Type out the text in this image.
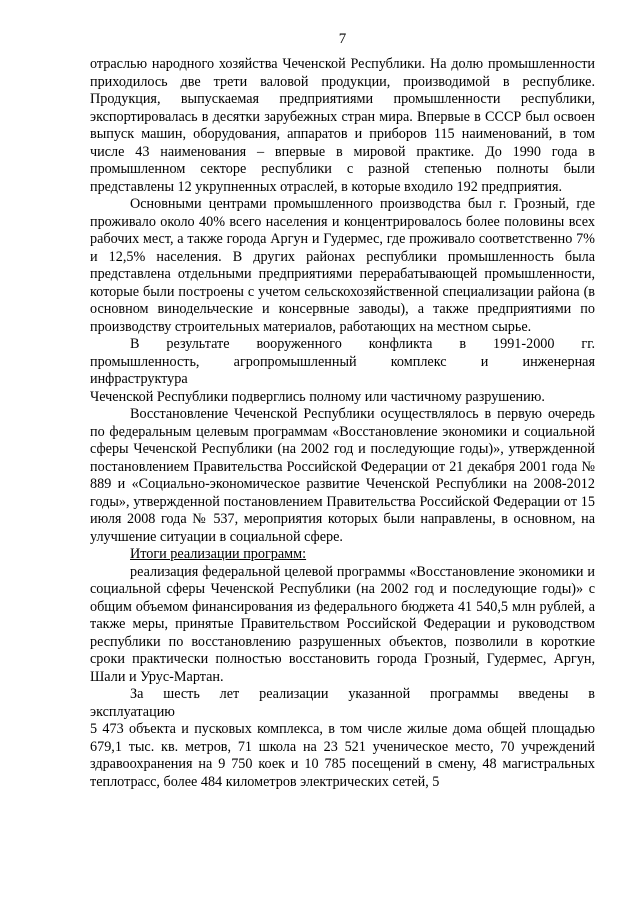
7

отраслью народного хозяйства Чеченской Республики. На долю промышленности приходилось две трети валовой продукции, производимой в республике. Продукция, выпускаемая предприятиями промышленности республики, экспортировалась в десятки зарубежных стран мира. Впервые в СССР был освоен выпуск машин, оборудования, аппаратов и приборов 115 наименований, в том числе 43 наименования – впервые в мировой практике. До 1990 года в промышленном секторе республики с разной степенью полноты были представлены 12 укрупненных отраслей, в которые входило 192 предприятия.

Основными центрами промышленного производства был г. Грозный, где проживало около 40% всего населения и концентрировалось более половины всех рабочих мест, а также города Аргун и Гудермес, где проживало соответственно 7% и 12,5% населения. В других районах республики промышленность была представлена отдельными предприятиями перерабатывающей промышленности, которые были построены с учетом сельскохозяйственной специализации района (в основном винодельческие и консервные заводы), а также предприятиями по производству строительных материалов, работающих на местном сырье.

В результате вооруженного конфликта в 1991-2000 гг.

промышленность, агропромышленный комплекс и инженерная

инфраструктура

Чеченской Республики подверглись полному или частичному разрушению.

Восстановление Чеченской Республики осуществлялось в первую очередь по федеральным целевым программам «Восстановление экономики и социальной сферы Чеченской Республики (на 2002 год и последующие годы)», утвержденной постановлением Правительства Российской Федерации от 21 декабря 2001 года № 889 и «Социально-экономическое развитие Чеченской Республики на 2008-2012 годы», утвержденной постановлением Правительства Российской Федерации от 15 июля 2008 года № 537, мероприятия которых были направлены, в основном, на улучшение ситуации в социальной сфере.

Итоги реализации программ:

реализация федеральной целевой программы «Восстановление экономики и социальной сферы Чеченской Республики (на 2002 год и последующие годы)» с общим объемом финансирования из федерального бюджета 41 540,5 млн рублей, а также меры, принятые Правительством Российской Федерации и руководством республики по восстановлению разрушенных объектов, позволили в короткие сроки практически полностью восстановить города Грозный, Гудермес, Аргун, Шали и Урус-Мартан.

За шесть лет реализации указанной программы введены в

эксплуатацию

5 473 объекта и пусковых комплекса, в том числе жилые дома общей площадью 679,1 тыс. кв. метров, 71 школа на 23 521 ученическое место, 70 учреждений здравоохранения на 9 750 коек и 10 785 посещений в смену, 48 магистральных теплотрасс, более 484 километров электрических сетей, 5
